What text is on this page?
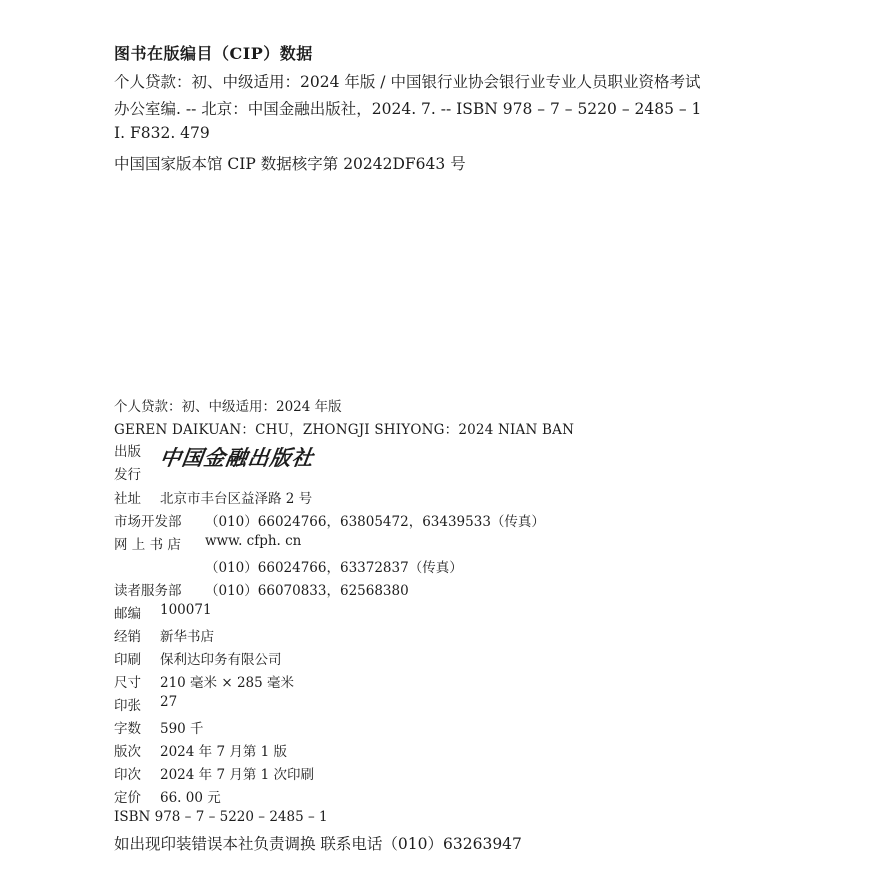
图书在版编目（CIP）数据
个人贷款：初、中级适用：2024 年版 / 中国银行业协会银行业专业人员职业资格考试
办公室编. -- 北京：中国金融出版社，2024. 7. -- ISBN 978 – 7 – 5220 – 2485 – 1
Ⅰ. F832. 479
中国国家版本馆 CIP 数据核字第 20242DF643 号
个人贷款：初、中级适用：2024 年版
GEREN DAIKUAN：CHU，ZHONGJI SHIYONG：2024 NIAN BAN
出版
发行
中国金融出版社
社址 北京市丰台区益泽路 2 号
市场开发部 （010）66024766，63805472，63439533（传真）
网 上 书 店 www. cfph. cn
（010）66024766，63372837（传真）
读者服务部 （010）66070833，62568380
邮编 100071
经销 新华书店
印刷 保利达印务有限公司
尺寸 210 毫米 × 285 毫米
印张 27
字数 590 千
版次 2024 年 7 月第 1 版
印次 2024 年 7 月第 1 次印刷
定价 66. 00 元
ISBN 978 – 7 – 5220 – 2485 – 1
如出现印装错误本社负责调换 联系电话（010）63263947
